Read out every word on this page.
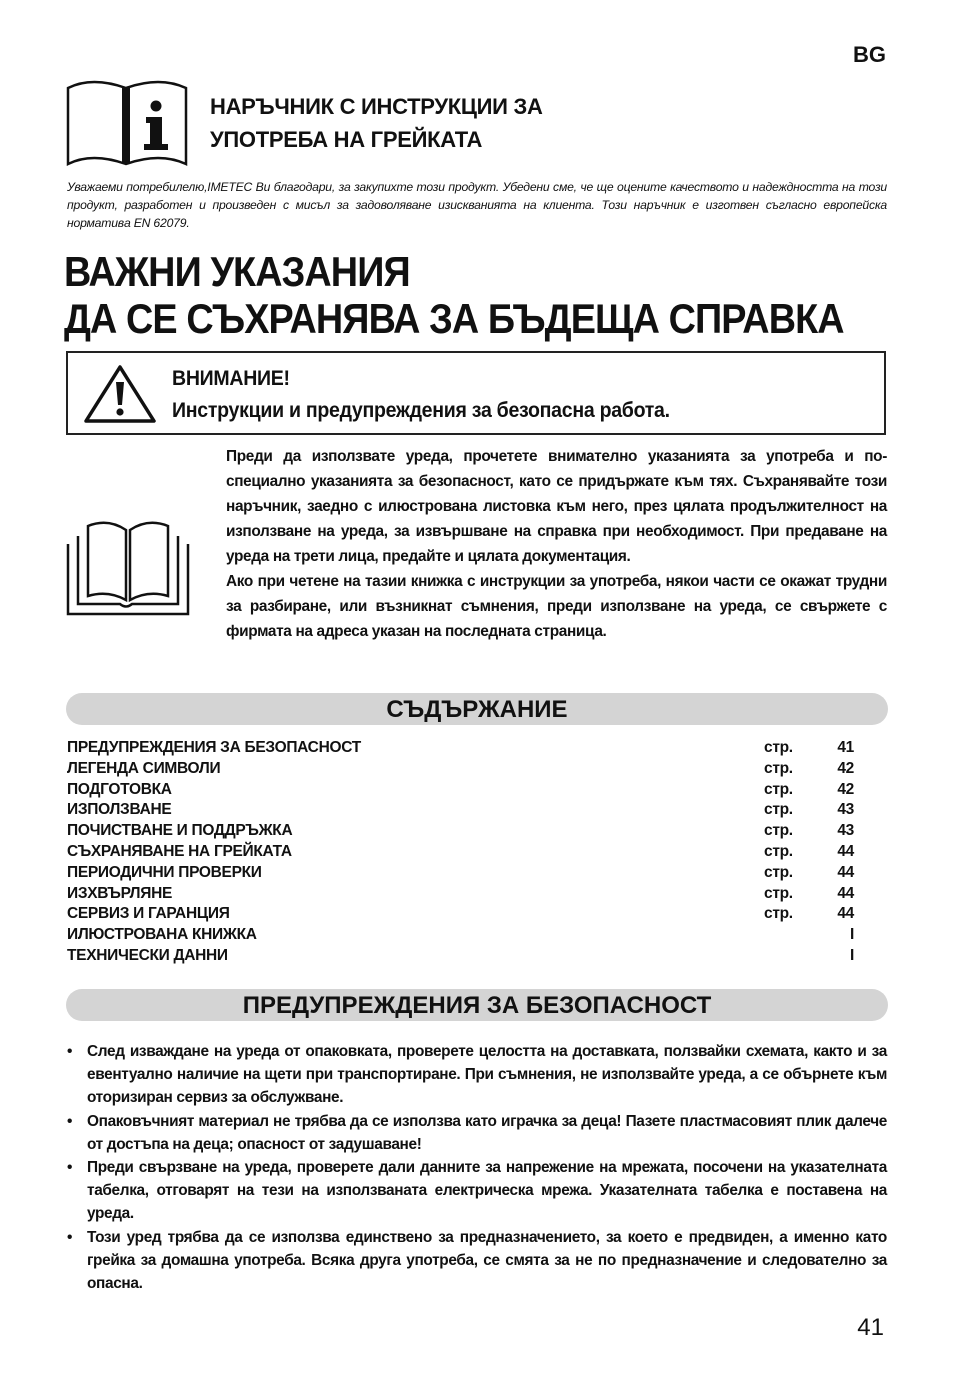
BG
НАРЪЧНИК С ИНСТРУКЦИИ ЗА
УПОТРЕБА НА ГРЕЙКАТА
Уважаеми потребилелю,IMETEC Ви благодари, за закупихте този продукт. Убедени сме, че ще оцените качеството и надеждността на този продукт, разработен и произведен с мисъл за задоволяване изискванията на клиента. Този наръчник е изготвен съгласно европейска нормативa EN 62079.
ВАЖНИ УКАЗАНИЯ
ДА СЕ СЪХРАНЯВА ЗА БЪДЕЩА СПРАВКА
ВНИМАНИЕ!
Инструкции и предупреждения за безопасна работа.

Преди да използвате уреда, прочетете внимателно указанията за употреба и по-специално указанията за безопасност, като се придържате към тях. Съхранявайте този наръчник, заедно с илюстрована листовка към него, през цялата продължителност на използване на уреда, за извършване на справка при необходимост. При предаване на уреда на трети лица, предайте и цялата документация.

Ако при четене на тазии книжка с инструкции за употреба, някои части се окажат трудни за разбиране, или възникнат съмнения, преди използване на уреда, се свържете с фирмата на адреса указан на последната страница.

СЪДЪРЖАНИЕ
ПРЕДУПРЕЖДЕНИЯ ЗА БЕЗОПАСНОСТ	стр.	41
ЛЕГЕНДА СИМВОЛИ	стр.	42
ПОДГОТОВКА	стр.	42
ИЗПОЛЗВАНЕ	стр.	43
ПОЧИСТВАНЕ И ПОДДРЪЖКА	стр.	43
СЪХРАНЯВАНЕ НА ГРЕЙКАТА	стр.	44
ПЕРИОДИЧНИ ПРОВЕРКИ	стр.	44
ИЗХВЪРЛЯНЕ	стр.	44
СЕРВИЗ И ГАРАНЦИЯ	стр.	44
ИЛЮСТРОВАНА КНИЖКА	I
ТЕХНИЧЕСКИ ДАННИ	I
ПРЕДУПРЕЖДЕНИЯ ЗА БЕЗОПАСНОСТ
• След изваждане на уреда от опаковката, проверете целостта на доставката, ползвайки схемата, както и за евентуално наличие на щети при транспортиране. При съмнения, не използвайте уреда, а се обърнете към оторизиран сервиз за обслужване.
• Опаковъчният материал не трябва да се използва като играчка за деца! Пазете пластмасовият плик далече от достъпа на деца; опасност от задушаване!
• Преди свързване на уреда, проверете дали данните за напрежение на мрежата, посочени на указателната табелка, отговарят на тези на използваната електрическа мрежа. Указателната табелка е поставена на уреда.
• Този уред трябва да се използва единствено за предназначението, за което е предвиден, а именно като грейка за домашна употреба. Всяка друга употреба, се смята за не по предназначение и следователно за опасна.
41
